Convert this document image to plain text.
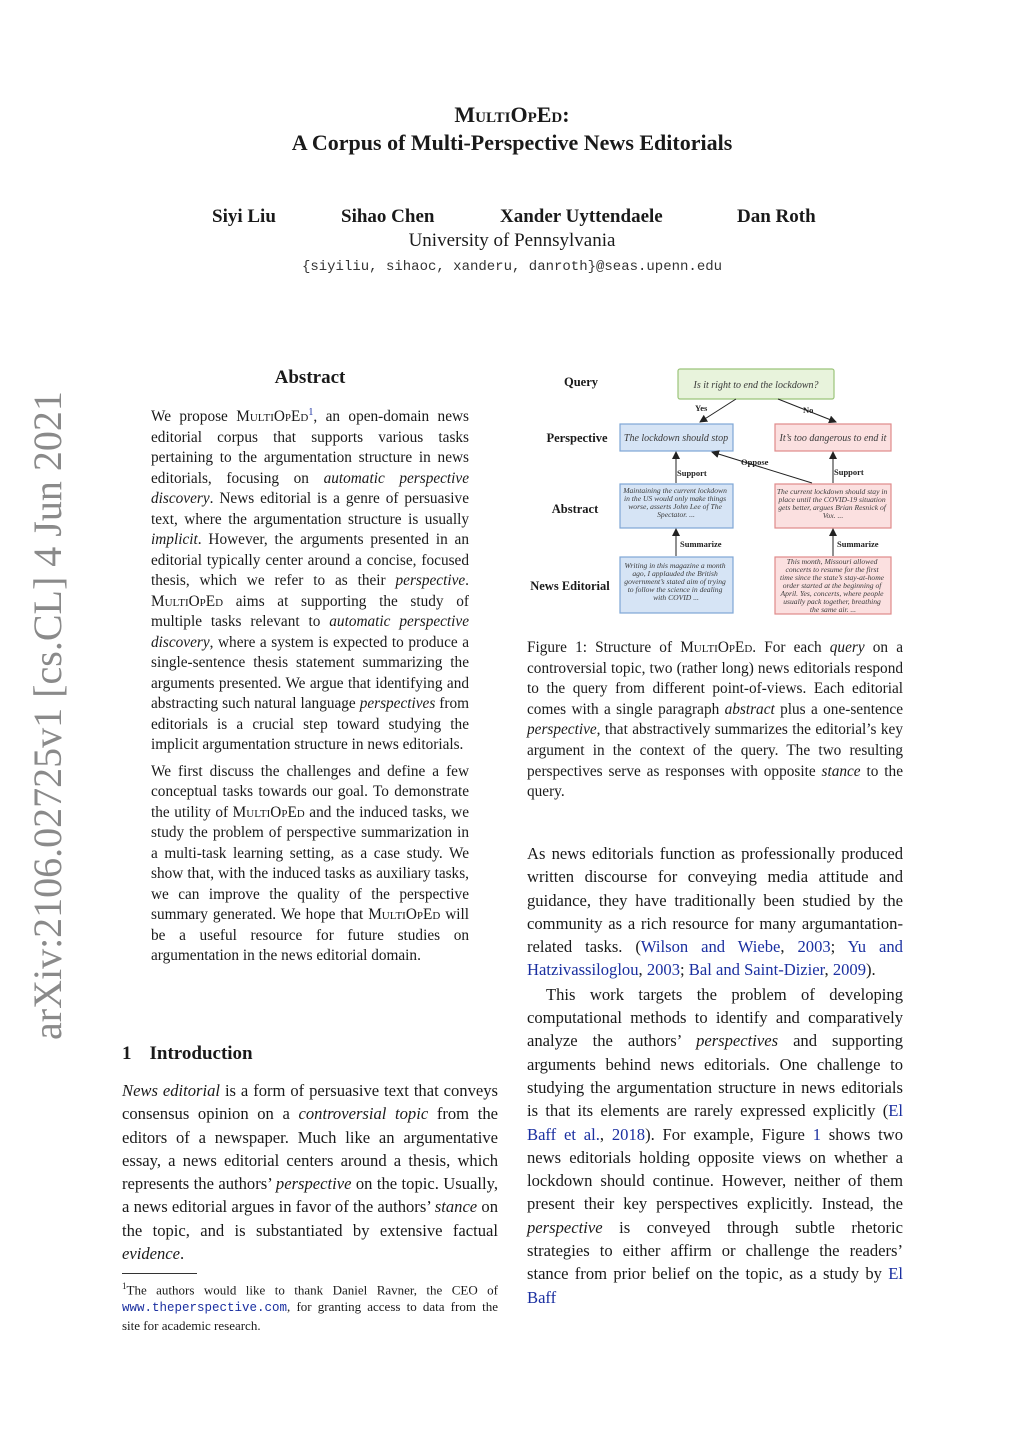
arXiv:2106.02725v1 [cs.CL] 4 Jun 2021
MultiOpEd:
A Corpus of Multi-Perspective News Editorials
Siyi Liu	Sihao Chen	Xander Uyttendaele	Dan Roth
University of Pennsylvania
{siyiliu, sihaoc, xanderu, danroth}@seas.upenn.edu
Abstract

We propose MultiOpEd$^1$, an open-domain news editorial corpus that supports various tasks pertaining to the argumentation structure in news editorials, focusing on automatic perspective discovery. News editorial is a genre of persuasive text, where the argumentation structure is usually implicit. However, the arguments presented in an editorial typically center around a concise, focused thesis, which we refer to as their perspective. MultiOpEd aims at supporting the study of multiple tasks relevant to automatic perspective discovery, where a system is expected to produce a single-sentence thesis statement summarizing the arguments presented. We argue that identifying and abstracting such natural language perspectives from editorials is a crucial step toward studying the implicit argumentation structure in news editorials.

We first discuss the challenges and define a few conceptual tasks towards our goal. To demonstrate the utility of MultiOpEd and the induced tasks, we study the problem of perspective summarization in a multi-task learning setting, as a case study. We show that, with the induced tasks as auxiliary tasks, we can improve the quality of the perspective summary generated. We hope that MultiOpEd will be a useful resource for future studies on argumentation in the news editorial domain.

1 Introduction

News editorial is a form of persuasive text that conveys consensus opinion on a controversial topic from the editors of a newspaper. Much like an argumentative essay, a news editorial centers around a thesis, which represents the authors’ perspective on the topic. Usually, a news editorial argues in favor of the authors’ stance on the topic, and is substantiated by extensive factual evidence.

$^1$The authors would like to thank Daniel Ravner, the CEO of www.theperspective.com, for granting access to data from the site for academic research.
Query
Perspective
Abstract
News Editorial
Is it right to end the lockdown?
Yes	No
The lockdown should stop	It’s too dangerous to end it
Oppose
Support	Support
Maintaining the current lockdown in the US would only make things worse, asserts John Lee of The Spectator. ...
The current lockdown should stay in place until the COVID-19 situation gets better, argues Brian Resnick of Vox. ...
Summarize	Summarize
Writing in this magazine a month ago, I applauded the British government’s stated aim of trying to follow the science in dealing with COVID ...
This month, Missouri allowed concerts to resume for the first time since the state’s stay-at-home order started at the beginning of April. Yes, concerts, where people usually pack together, breathing the same air. ...
Figure 1: Structure of MultiOpEd. For each query on a controversial topic, two (rather long) news editorials respond to the query from different point-of-views. Each editorial comes with a single paragraph abstract plus a one-sentence perspective, that abstractively summarizes the editorial’s key argument in the context of the query. The two resulting perspectives serve as responses with opposite stance to the query.

As news editorials function as professionally produced written discourse for conveying media attitude and guidance, they have traditionally been studied by the community as a rich resource for many argumantation-related tasks. (Wilson and Wiebe, 2003; Yu and Hatzivassiloglou, 2003; Bal and Saint-Dizier, 2009).

This work targets the problem of developing computational methods to identify and comparatively analyze the authors’ perspectives and supporting arguments behind news editorials. One challenge to studying the argumentation structure in news editorials is that its elements are rarely expressed explicitly (El Baff et al., 2018). For example, Figure 1 shows two news editorials holding opposite views on whether a lockdown should continue. However, neither of them present their key perspectives explicitly. Instead, the perspective is conveyed through subtle rhetoric strategies to either affirm or challenge the readers’ stance from prior belief on the topic, as a study by El Baff
